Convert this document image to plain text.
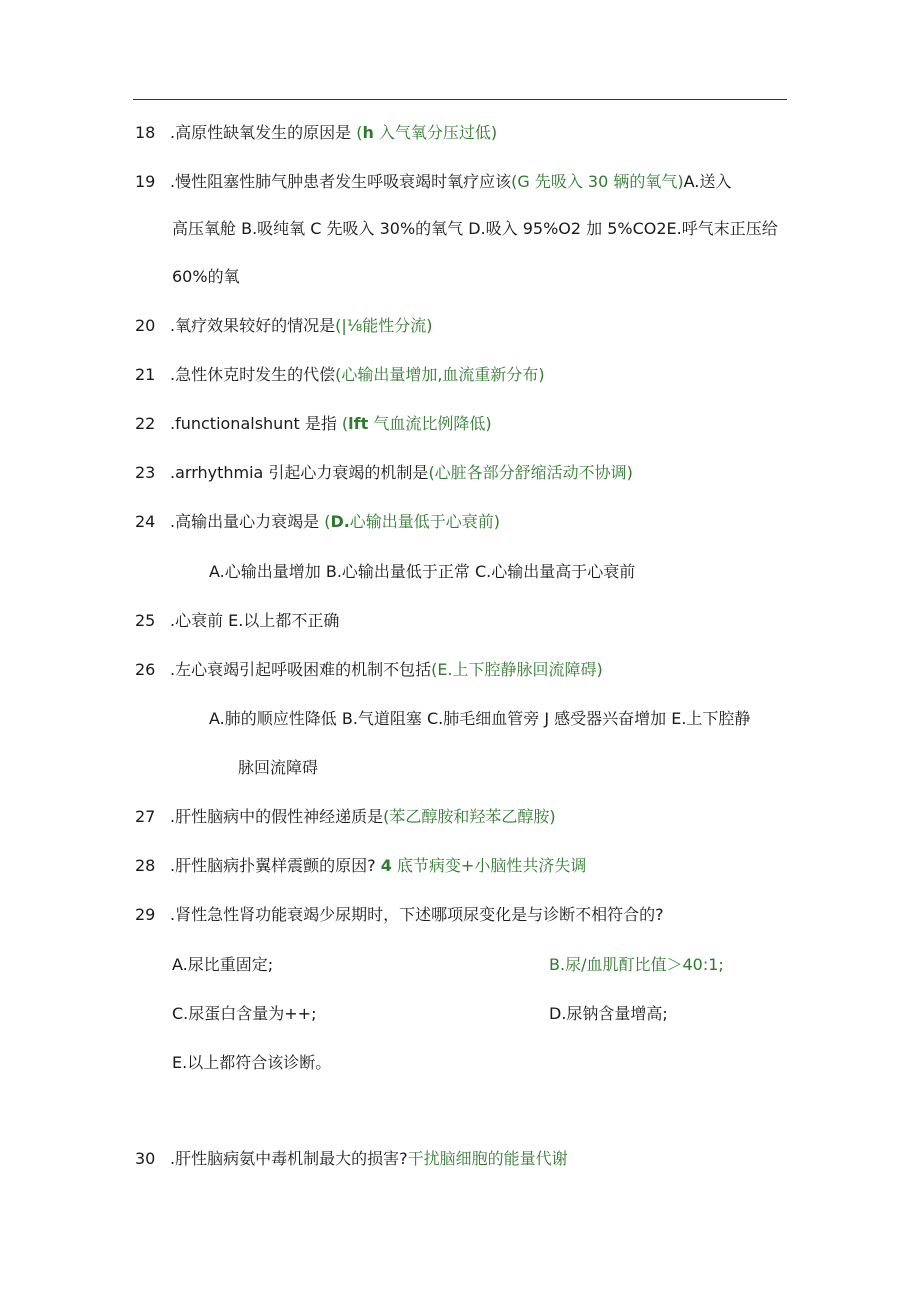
18 .高原性缺氧发生的原因是 (h 入气氧分压过低)
19 .慢性阻塞性肺气肿患者发生呼吸衰竭时氧疗应该(G 先吸入 30 辆的氧气)A.送入
高压氧舱 B.吸纯氧 C 先吸入 30%的氧气 D.吸入 95%O2 加 5%CO2E.呼气末正压给
60%的氧
20 .氧疗效果较好的情况是(|⅛能性分流)
21 .急性休克时发生的代偿(心输出量增加,血流重新分布)
22 .functionalshunt 是指 (lft 气血流比例降低)
23 .arrhythmia 引起心力衰竭的机制是(心脏各部分舒缩活动不协调)
24 .高输出量心力衰竭是 (D.心输出量低于心衰前)
A.心输出量增加 B.心输出量低于正常 C.心输出量高于心衰前
25 .心衰前 E.以上都不正确
26 .左心衰竭引起呼吸困难的机制不包括(E.上下腔静脉回流障碍)
A.肺的顺应性降低 B.气道阻塞 C.肺毛细血管旁 J 感受器兴奋增加 E.上下腔静
脉回流障碍
27 .肝性脑病中的假性神经递质是(苯乙醇胺和羟苯乙醇胺)
28 .肝性脑病扑翼样震颤的原因? 4 底节病变+小脑性共济失调
29 .肾性急性肾功能衰竭少尿期时，下述哪项尿变化是与诊断不相符合的?
A.尿比重固定;	B.尿/血肌酊比值＞40:1;
C.尿蛋白含量为++;	D.尿钠含量增高;
E.以上都符合该诊断。
30 .肝性脑病氨中毒机制最大的损害?干扰脑细胞的能量代谢
